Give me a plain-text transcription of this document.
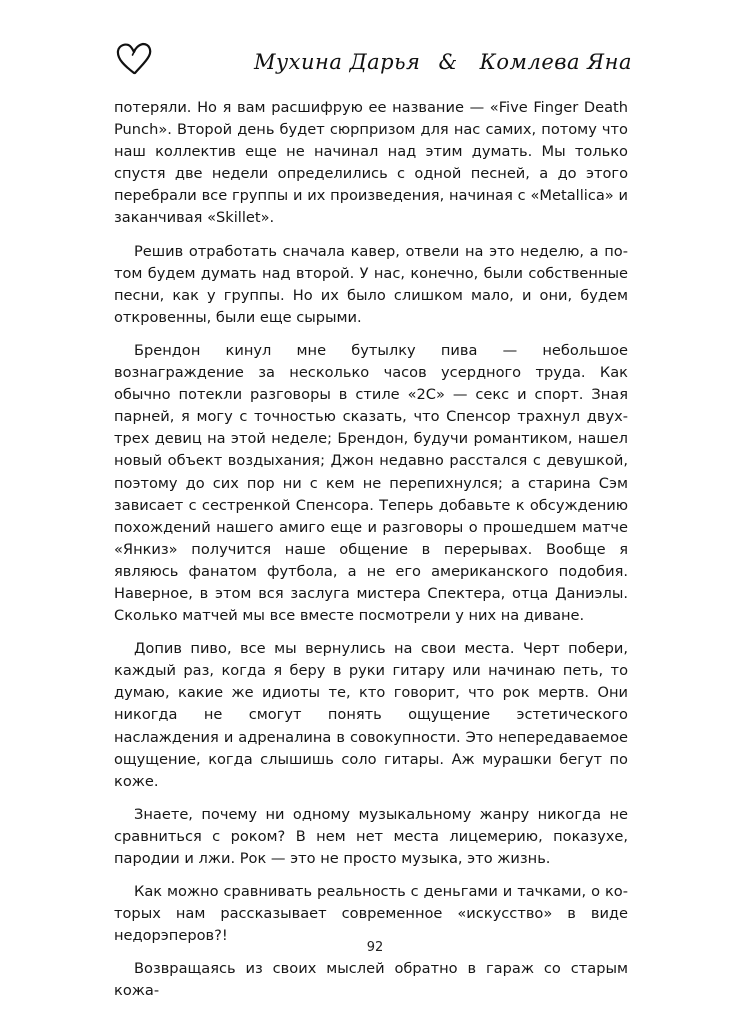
Мухина Дарья & Комлева Яна

потеряли. Но я вам расшифрую ее название — «Five Finger Death Punch». Второй день будет сюрпризом для нас самих, потому что наш коллектив еще не начинал над этим думать. Мы только спустя две недели определились с одной песней, а до этого перебрали все группы и их произведения, начиная с «Metallica» и заканчивая «Skillet».

Решив отработать сначала кавер, отвели на это неделю, а потом будем думать над второй. У нас, конечно, были собственные песни, как у группы. Но их было слишком мало, и они, будем откровенны, были еще сырыми.

Брендон кинул мне бутылку пива — небольшое вознаграждение за несколько часов усердного труда. Как обычно потекли разговоры в стиле «2С» — секс и спорт. Зная парней, я могу с точностью сказать, что Спенсор трахнул двух-трех девиц на этой неделе; Брендон, будучи романтиком, нашел новый объект воздыхания; Джон недавно расстался с девушкой, поэтому до сих пор ни с кем не перепихнулся; а старина Сэм зависает с сестренкой Спенсора. Теперь добавьте к обсуждению похождений нашего амиго еще и разговоры о прошедшем матче «Янкиз» получится наше общение в перерывах. Вообще я являюсь фанатом футбола, а не его американского подобия. Наверное, в этом вся заслуга мистера Спектера, отца Даниэлы. Сколько матчей мы все вместе посмотрели у них на диване.

Допив пиво, все мы вернулись на свои места. Черт побери, каждый раз, когда я беру в руки гитару или начинаю петь, то думаю, какие же идиоты те, кто говорит, что рок мертв. Они никогда не смогут понять ощущение эстетического наслаждения и адреналина в совокупности. Это непередаваемое ощущение, когда слышишь соло гитары. Аж мурашки бегут по коже.

Знаете, почему ни одному музыкальному жанру никогда не сравниться с роком? В нем нет места лицемерию, показухе, пародии и лжи. Рок — это не просто музыка, это жизнь.

Как можно сравнивать реальность с деньгами и тачками, о которых нам рассказывает современное «искусство» в виде недорэперов?!

Возвращаясь из своих мыслей обратно в гараж со старым кожа-

92
